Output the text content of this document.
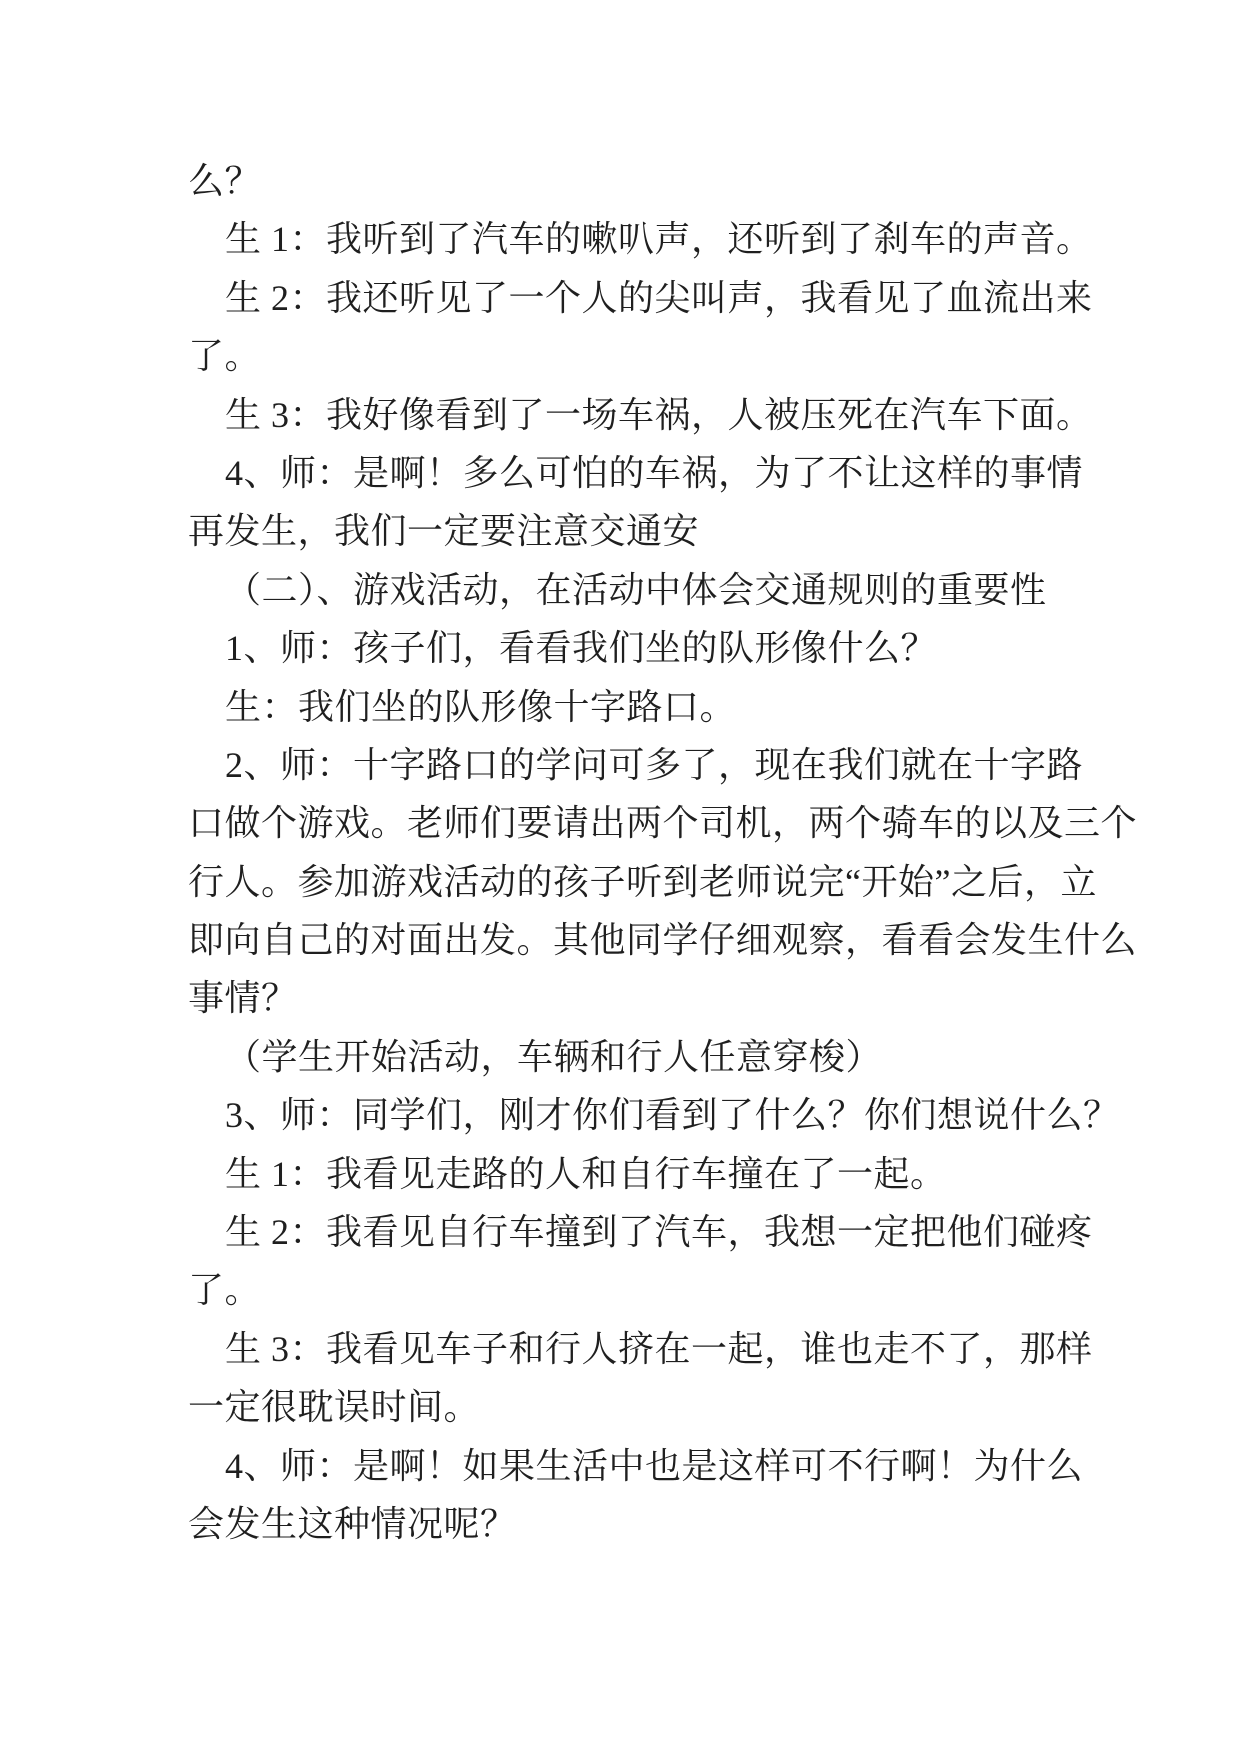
么？
生 1：我听到了汽车的嗽叭声，还听到了刹车的声音。
生 2：我还听见了一个人的尖叫声，我看见了血流出来
了。
生 3：我好像看到了一场车祸，人被压死在汽车下面。
4、师：是啊！多么可怕的车祸，为了不让这样的事情
再发生，我们一定要注意交通安
（二）、游戏活动，在活动中体会交通规则的重要性
1、师：孩子们，看看我们坐的队形像什么？
生：我们坐的队形像十字路口。
2、师：十字路口的学问可多了，现在我们就在十字路
口做个游戏。老师们要请出两个司机，两个骑车的以及三个
行人。参加游戏活动的孩子听到老师说完“开始”之后，立
即向自己的对面出发。其他同学仔细观察，看看会发生什么
事情？
（学生开始活动，车辆和行人任意穿梭）
3、师：同学们，刚才你们看到了什么？你们想说什么？
生 1：我看见走路的人和自行车撞在了一起。
生 2：我看见自行车撞到了汽车，我想一定把他们碰疼
了。
生 3：我看见车子和行人挤在一起，谁也走不了，那样
一定很耽误时间。
4、师：是啊！如果生活中也是这样可不行啊！为什么
会发生这种情况呢？
